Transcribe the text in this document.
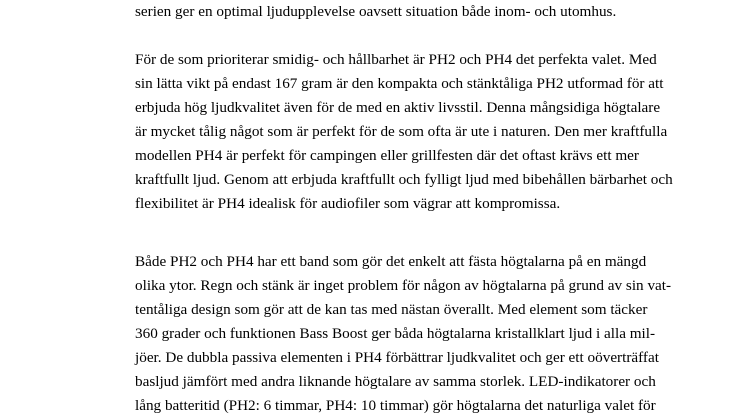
serien ger en optimal ljudupplevelse oavsett situation både inom- och utomhus.
För de som prioriterar smidig- och hållbarhet är PH2 och PH4 det perfekta valet. Med
sin lätta vikt på endast 167 gram är den kompakta och stänktåliga PH2 utformad för att
erbjuda hög ljudkvalitet även för de med en aktiv livsstil. Denna mångsidiga högtalare
är mycket tålig något som är perfekt för de som ofta är ute i naturen. Den mer kraftfulla
modellen PH4 är perfekt för campingen eller grillfesten där det oftast krävs ett mer
kraftfullt ljud. Genom att erbjuda kraftfullt och fylligt ljud med bibehållen bärbarhet och
flexibilitet är PH4 idealisk för audiofiler som vägrar att kompromissa.
Både PH2 och PH4 har ett band som gör det enkelt att fästa högtalarna på en mängd
olika ytor. Regn och stänk är inget problem för någon av högtalarna på grund av sin vat-
tentåliga design som gör att de kan tas med nästan överallt. Med element som täcker
360 grader och funktionen Bass Boost ger båda högtalarna kristallklart ljud i alla mil-
jöer. De dubbla passiva elementen i PH4 förbättrar ljudkvalitet och ger ett oöverträffat
basljud jämfört med andra liknande högtalare av samma storlek. LED-indikatorer och
lång batteritid (PH2: 6 timmar, PH4: 10 timmar) gör högtalarna det naturliga valet för
